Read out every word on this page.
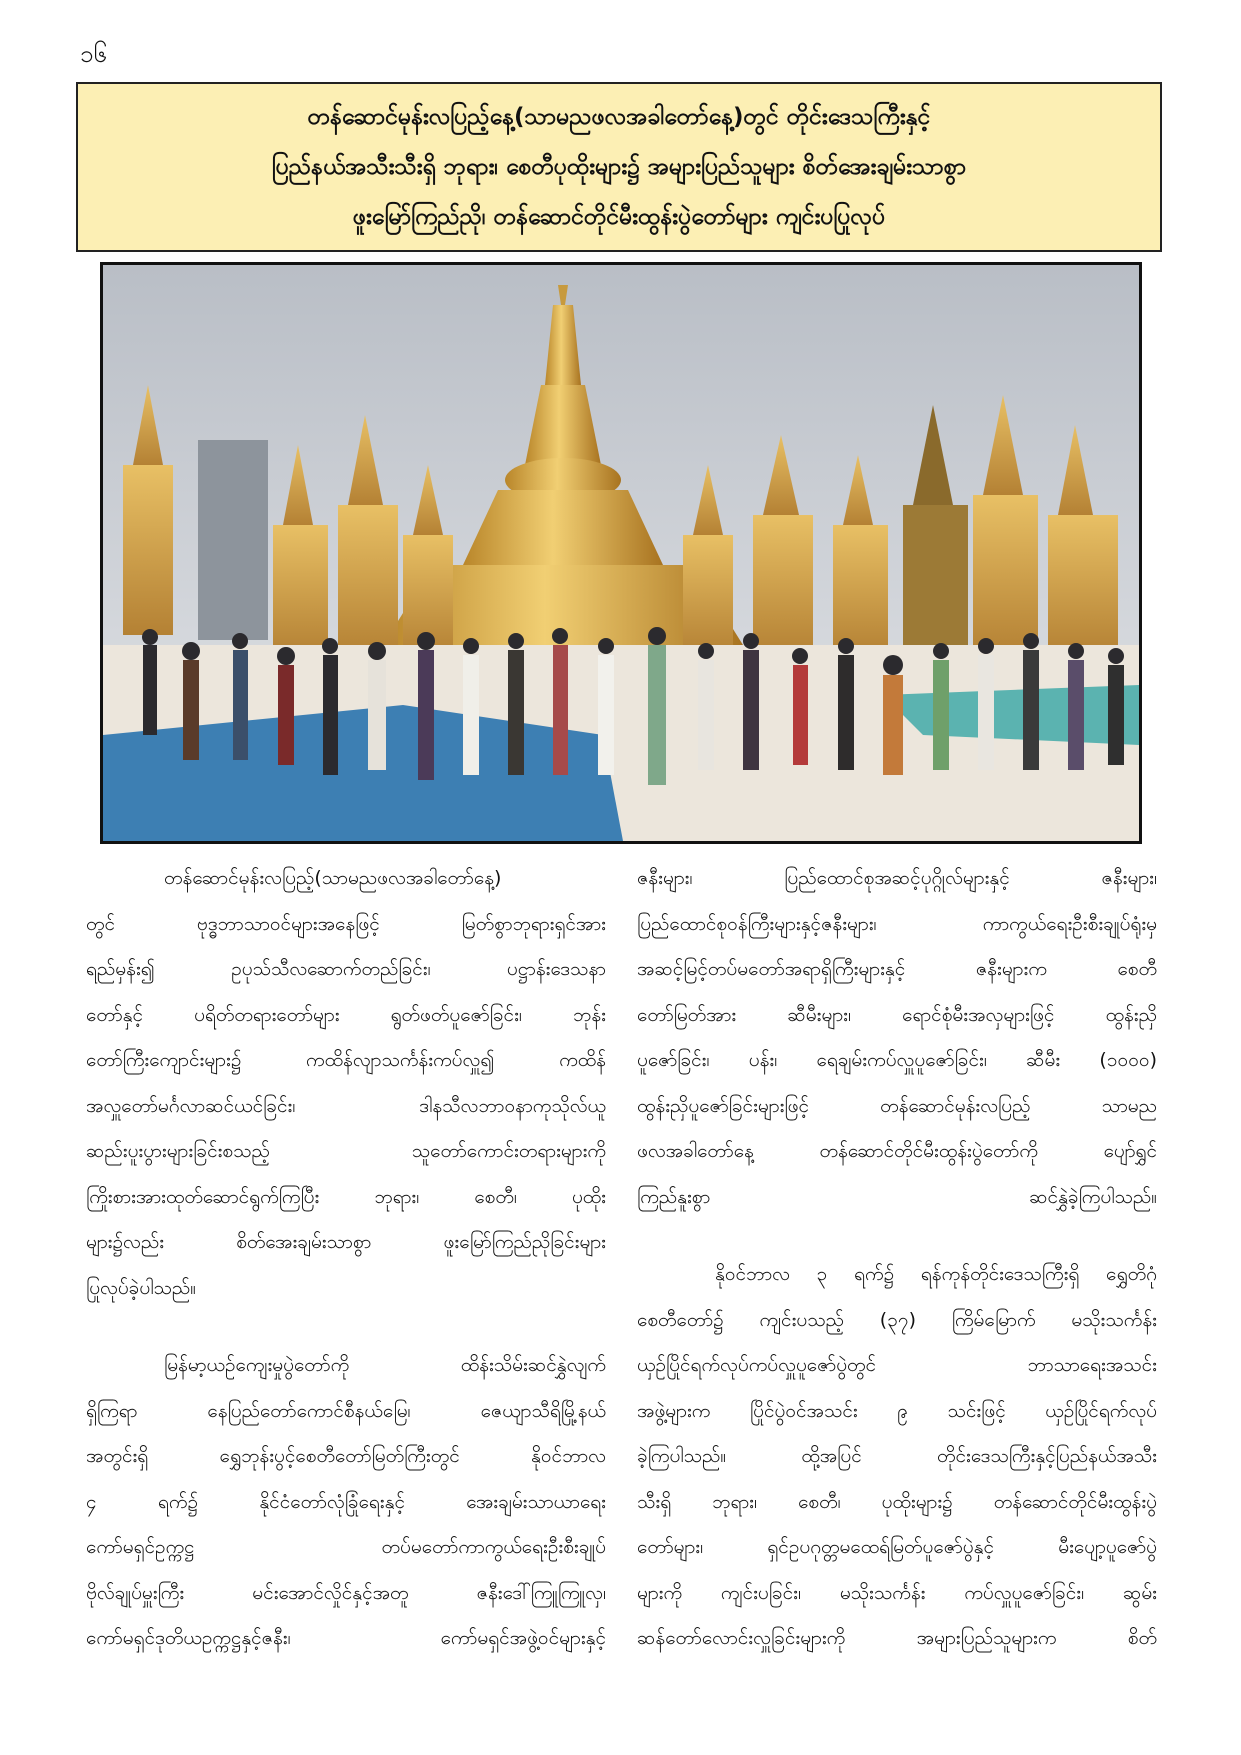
၁၆
တန်ဆောင်မုန်းလပြည့်နေ့(သာမညဖလအခါတော်နေ့)တွင် တိုင်းဒေသကြီးနှင့်
ပြည်နယ်အသီးသီးရှိ ဘုရား၊ စေတီပုထိုးများ၌ အများပြည်သူများ စိတ်အေးချမ်းသာစွာ
ဖူးမြော်ကြည်ညို၊ တန်ဆောင်တိုင်မီးထွန်းပွဲတော်များ ကျင်းပပြုလုပ်

တန်ဆောင်မုန်းလပြည့်(သာမညဖလအခါတော်နေ့)
တွင် ဗုဒ္ဓဘာသာဝင်များအနေဖြင့် မြတ်စွာဘုရားရှင်အား
ရည်မှန်း၍ ဥပုသ်သီလဆောက်တည်ခြင်း၊ ပဋ္ဌာန်းဒေသနာ
တော်နှင့် ပရိတ်တရားတော်များ ရွတ်ဖတ်ပူဇော်ခြင်း၊ ဘုန်း
တော်ကြီးကျောင်းများ၌ ကထိန်လျာသင်္ကန်းကပ်လှူ၍ ကထိန်
အလှူတော်မင်္ဂလာဆင်ယင်ခြင်း၊ ဒါနသီလဘာဝနာကုသိုလ်ယူ
ဆည်းပူးပွားများခြင်းစသည့် သူတော်ကောင်းတရားများကို
ကြိုးစားအားထုတ်ဆောင်ရွက်ကြပြီး ဘုရား၊ စေတီ၊ ပုထိုး
များ၌လည်း စိတ်အေးချမ်းသာစွာ ဖူးမြော်ကြည်ညိုခြင်းများ
ပြုလုပ်ခဲ့ပါသည်။

မြန်မာ့ယဉ်ကျေးမှုပွဲတော်ကို ထိန်းသိမ်းဆင်နွှဲလျက်
ရှိကြရာ နေပြည်တော်ကောင်စီနယ်မြေ၊ ဇေယျာသီရိမြို့နယ်
အတွင်းရှိ ရွှေဘုန်းပွင့်စေတီတော်မြတ်ကြီးတွင် နိုဝင်ဘာလ
၄ ရက်၌ နိုင်ငံတော်လုံခြုံရေးနှင့် အေးချမ်းသာယာရေး
ကော်မရှင်ဥက္ကဋ္ဌ တပ်မတော်ကာကွယ်ရေးဦးစီးချုပ်
ဗိုလ်ချုပ်မှူးကြီး မင်းအောင်လှိုင်နှင့်အတူ ဇနီးဒေါ်ကြူကြူလှ၊
ကော်မရှင်ဒုတိယဥက္ကဋ္ဌနှင့်ဇနီး၊ ကော်မရှင်အဖွဲ့ဝင်များနှင့်

ဇနီးများ၊ ပြည်ထောင်စုအဆင့်ပုဂ္ဂိုလ်များနှင့် ဇနီးများ၊
ပြည်ထောင်စုဝန်ကြီးများနှင့်ဇနီးများ၊ ကာကွယ်ရေးဦးစီးချုပ်ရုံးမှ
အဆင့်မြင့်တပ်မတော်အရာရှိကြီးများနှင့် ဇနီးများက စေတီ
တော်မြတ်အား ဆီမီးများ၊ ရောင်စုံမီးအလှများဖြင့် ထွန်းညှိ
ပူဇော်ခြင်း၊ ပန်း၊ ရေချမ်းကပ်လှူပူဇော်ခြင်း၊ ဆီမီး (၁၀၀၀)
ထွန်းညှိပူဇော်ခြင်းများဖြင့် တန်ဆောင်မုန်းလပြည့် သာမည
ဖလအခါတော်နေ့ တန်ဆောင်တိုင်မီးထွန်းပွဲတော်ကို ပျော်ရွှင်
ကြည်နူးစွာ ဆင်နွှဲခဲ့ကြပါသည်။

နိုဝင်ဘာလ ၃ ရက်၌ ရန်ကုန်တိုင်းဒေသကြီးရှိ ရွှေတိဂုံ
စေတီတော်၌ ကျင်းပသည့် (၃၇) ကြိမ်မြောက် မသိုးသင်္ကန်း
ယှဉ်ပြိုင်ရက်လုပ်ကပ်လှူပူဇော်ပွဲတွင် ဘာသာရေးအသင်း
အဖွဲ့များက ပြိုင်ပွဲဝင်အသင်း ၉ သင်းဖြင့် ယှဉ်ပြိုင်ရက်လုပ်
ခဲ့ကြပါသည်။ ထို့အပြင် တိုင်းဒေသကြီးနှင့်ပြည်နယ်အသီး
သီးရှိ ဘုရား၊ စေတီ၊ ပုထိုးများ၌ တန်ဆောင်တိုင်မီးထွန်းပွဲ
တော်များ၊ ရှင်ဥပဂုတ္တမထေရ်မြတ်ပူဇော်ပွဲနှင့် မီးပျော့ပူဇော်ပွဲ
များကို ကျင်းပခြင်း၊ မသိုးသင်္ကန်း ကပ်လှူပူဇော်ခြင်း၊ ဆွမ်း
ဆန်တော်လောင်းလှူခြင်းများကို အများပြည်သူများက စိတ်
